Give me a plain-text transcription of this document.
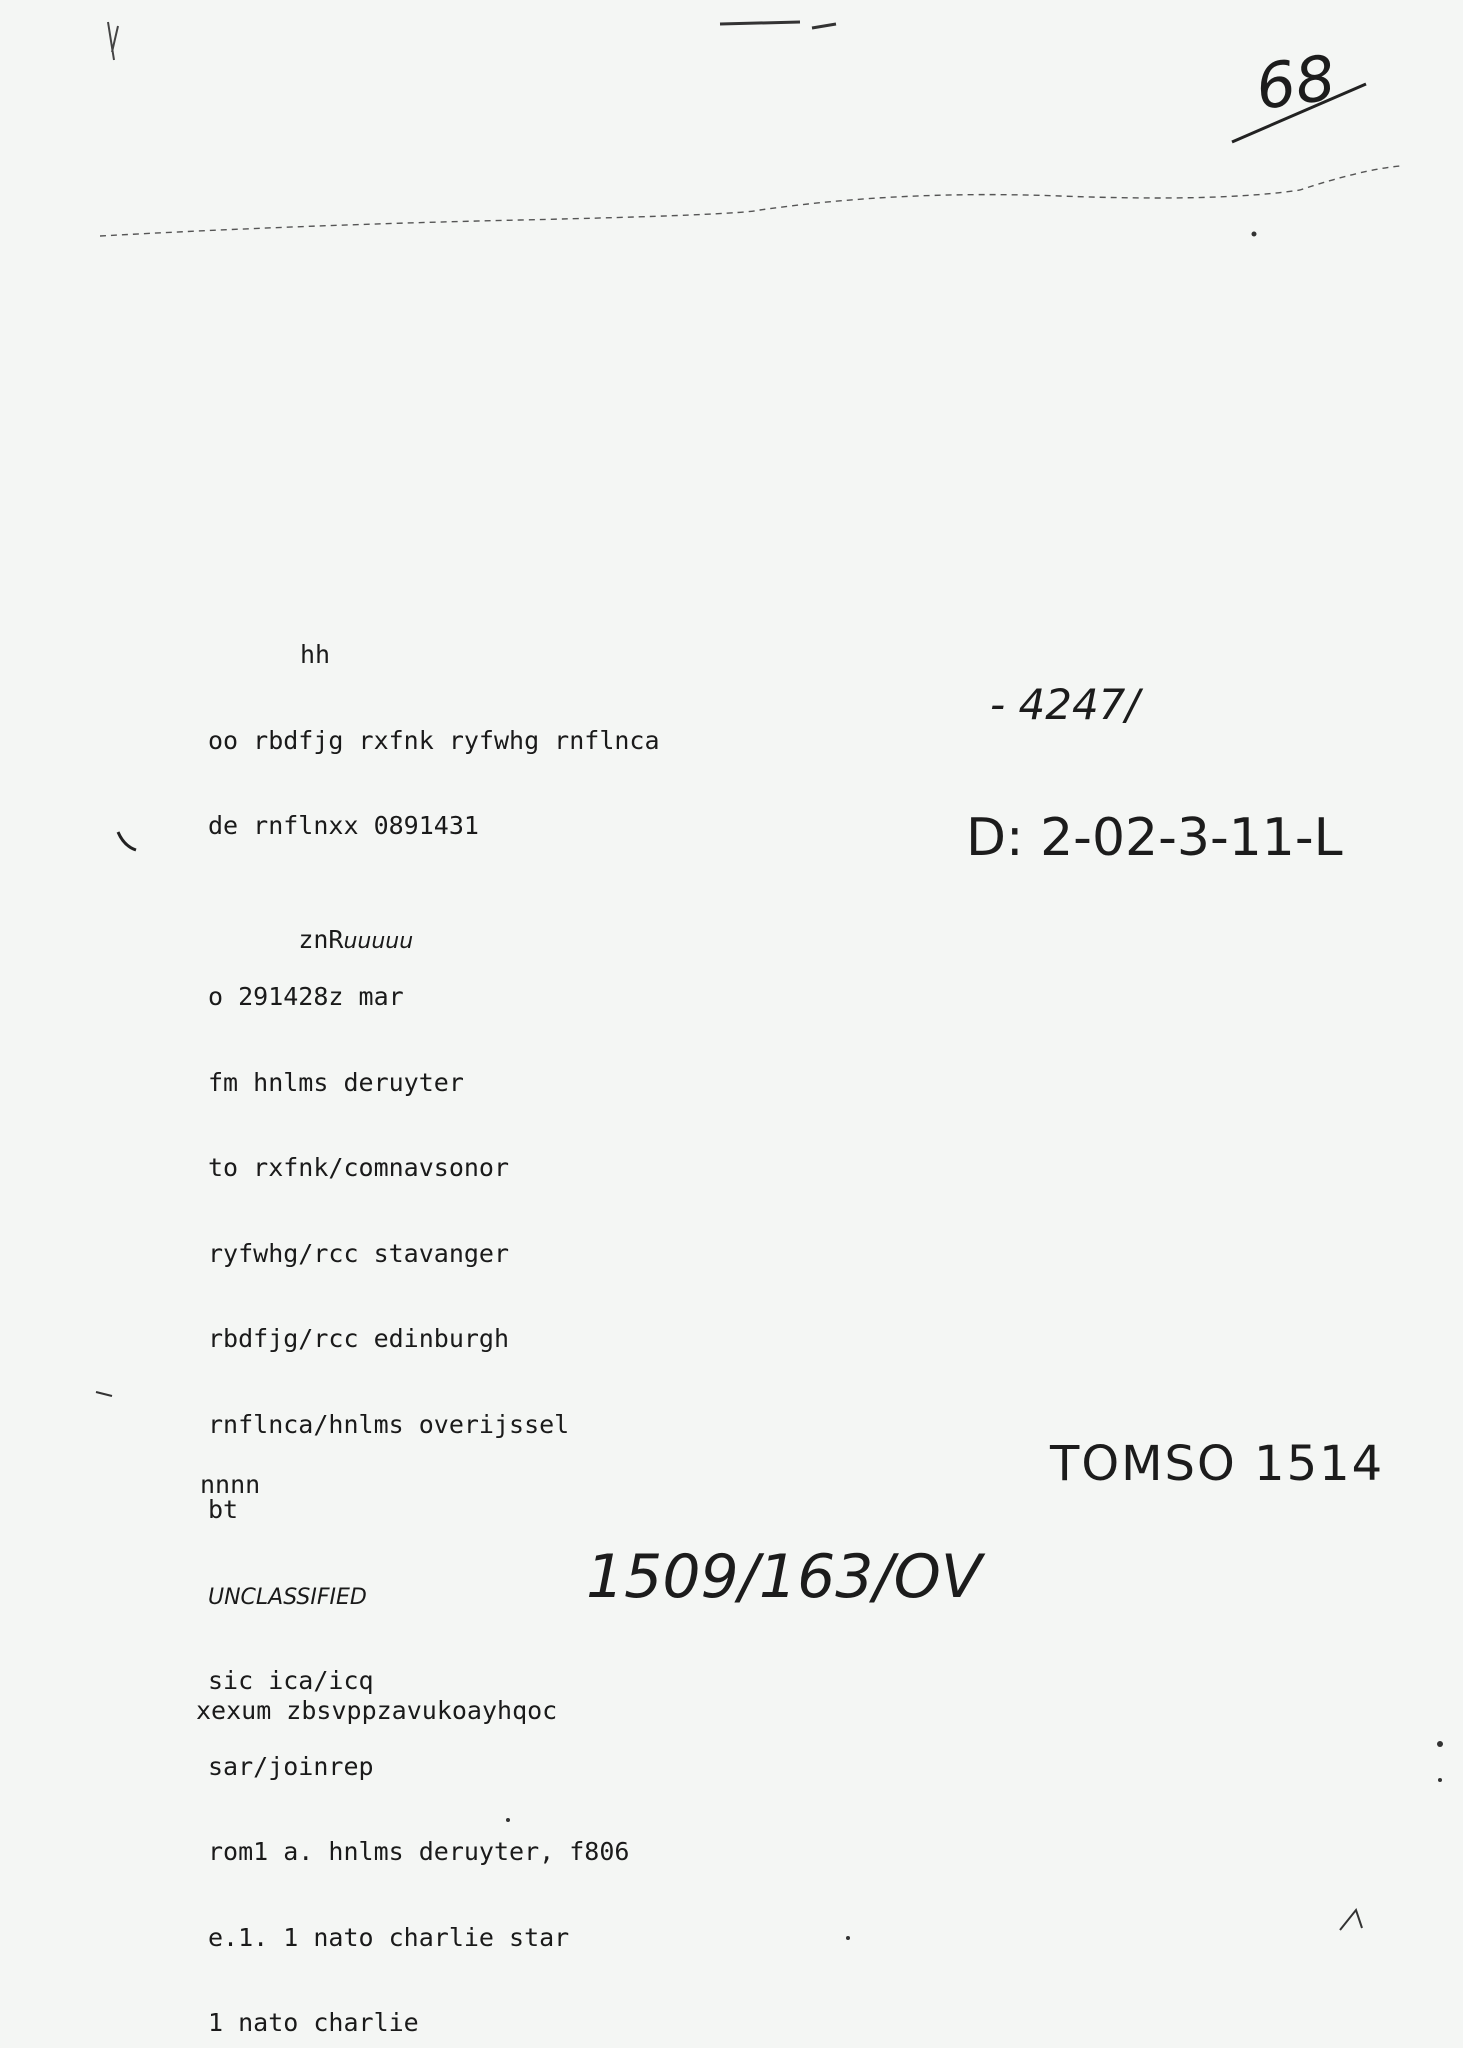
68

hh

oo rbdfjg rxfnk ryfwhg rnflnca

de rnflnxx 0891431

znRuuuuu

o 291428z mar

fm hnlms deruyter

to rxfnk/comnavsonor

ryfwhg/rcc stavanger

rbdfjg/rcc edinburgh

rnflnca/hnlms overijssel

bt

UNCLASSIFIED

sic ica/icq

sar/joinrep

rom1 a. hnlms deruyter, f806

e.1. 1 nato charlie star

1 nato charlie

- 4247/
D: 2-02-3-11-L
nnnn	TOMSO 1514
1509/163/OV
xexum zbsvppzavukoayhqoc
